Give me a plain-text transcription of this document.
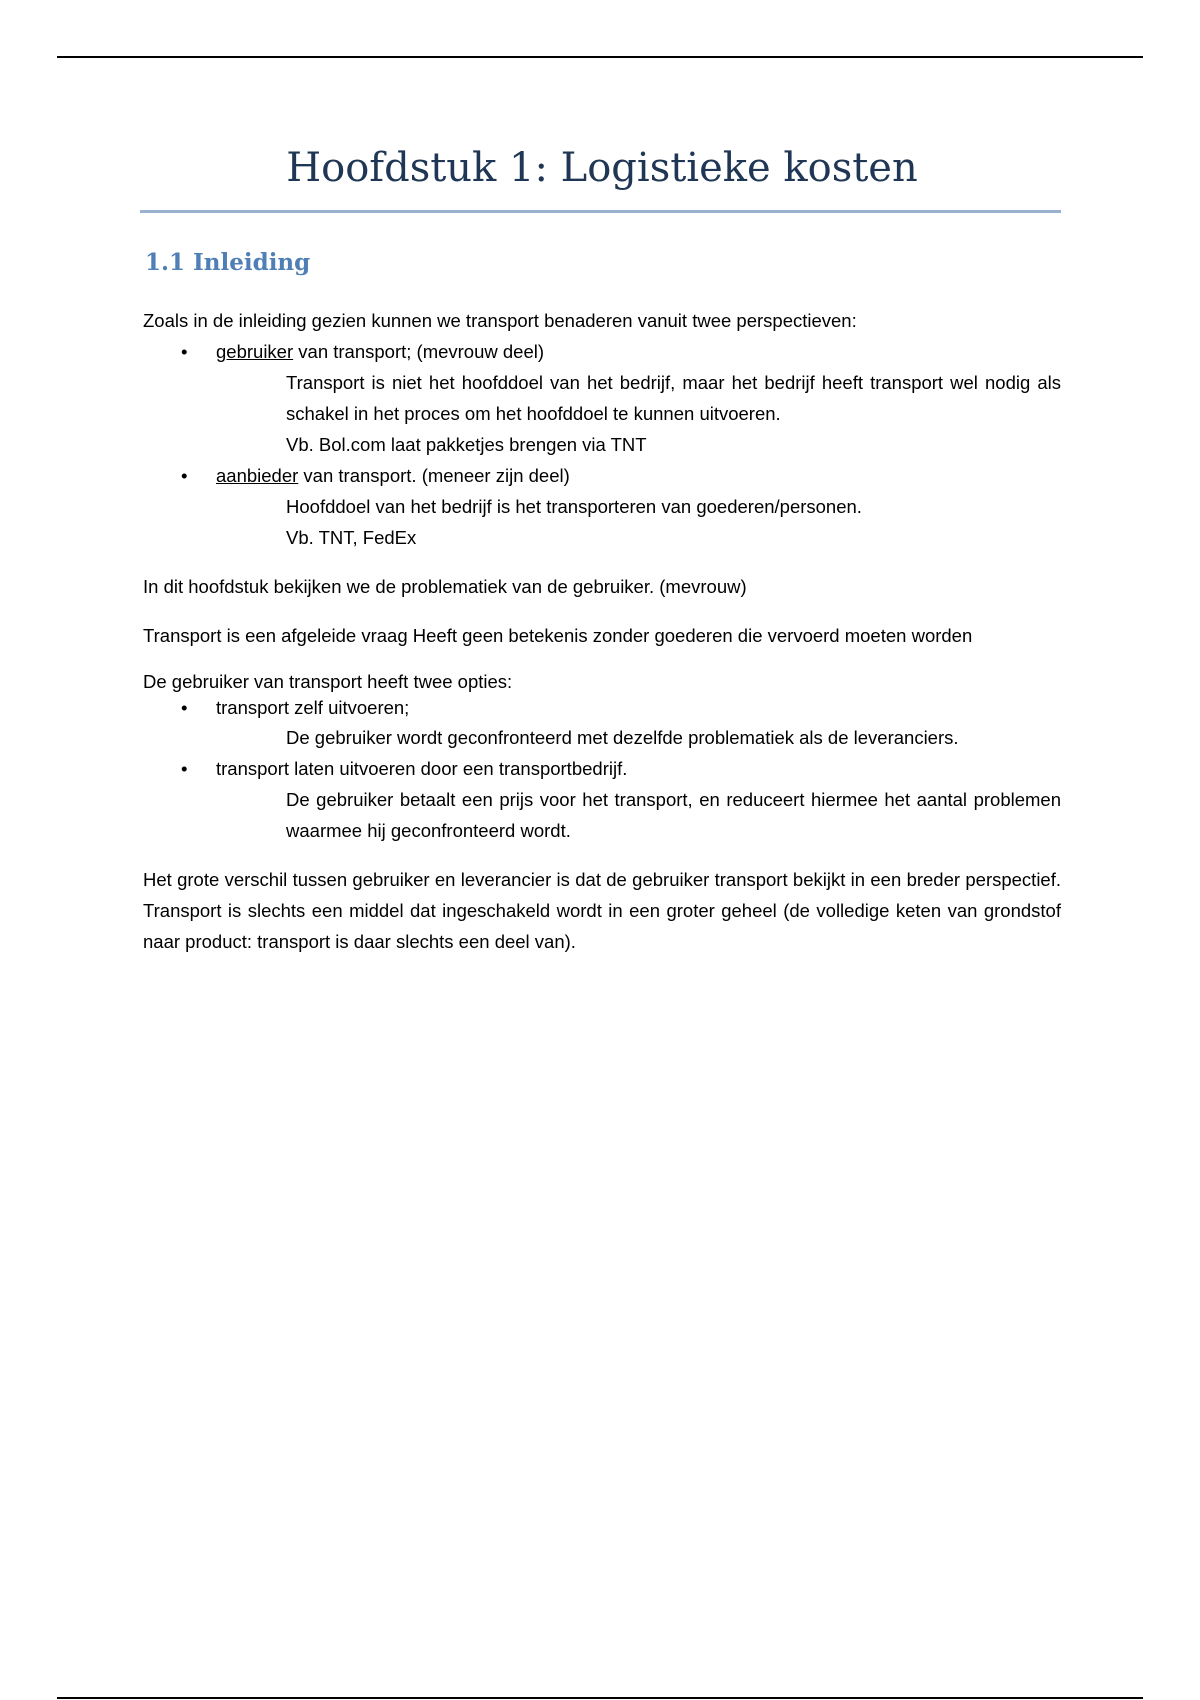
Hoofdstuk 1: Logistieke kosten
1.1 Inleiding

Zoals in de inleiding gezien kunnen we transport benaderen vanuit twee perspectieven:

• gebruiker van transport; (mevrouw deel)

Transport is niet het hoofddoel van het bedrijf, maar het bedrijf heeft transport wel nodig als schakel in het proces om het hoofddoel te kunnen uitvoeren.

Vb. Bol.com laat pakketjes brengen via TNT

• aanbieder van transport. (meneer zijn deel)

Hoofddoel van het bedrijf is het transporteren van goederen/personen.

Vb. TNT, FedEx

In dit hoofdstuk bekijken we de problematiek van de gebruiker. (mevrouw)

Transport is een afgeleide vraag Heeft geen betekenis zonder goederen die vervoerd moeten worden

De gebruiker van transport heeft twee opties:

• transport zelf uitvoeren;

De gebruiker wordt geconfronteerd met dezelfde problematiek als de leveranciers.

• transport laten uitvoeren door een transportbedrijf.

De gebruiker betaalt een prijs voor het transport, en reduceert hiermee het aantal problemen waarmee hij geconfronteerd wordt.

Het grote verschil tussen gebruiker en leverancier is dat de gebruiker transport bekijkt in een breder perspectief. Transport is slechts een middel dat ingeschakeld wordt in een groter geheel (de volledige keten van grondstof naar product: transport is daar slechts een deel van).
